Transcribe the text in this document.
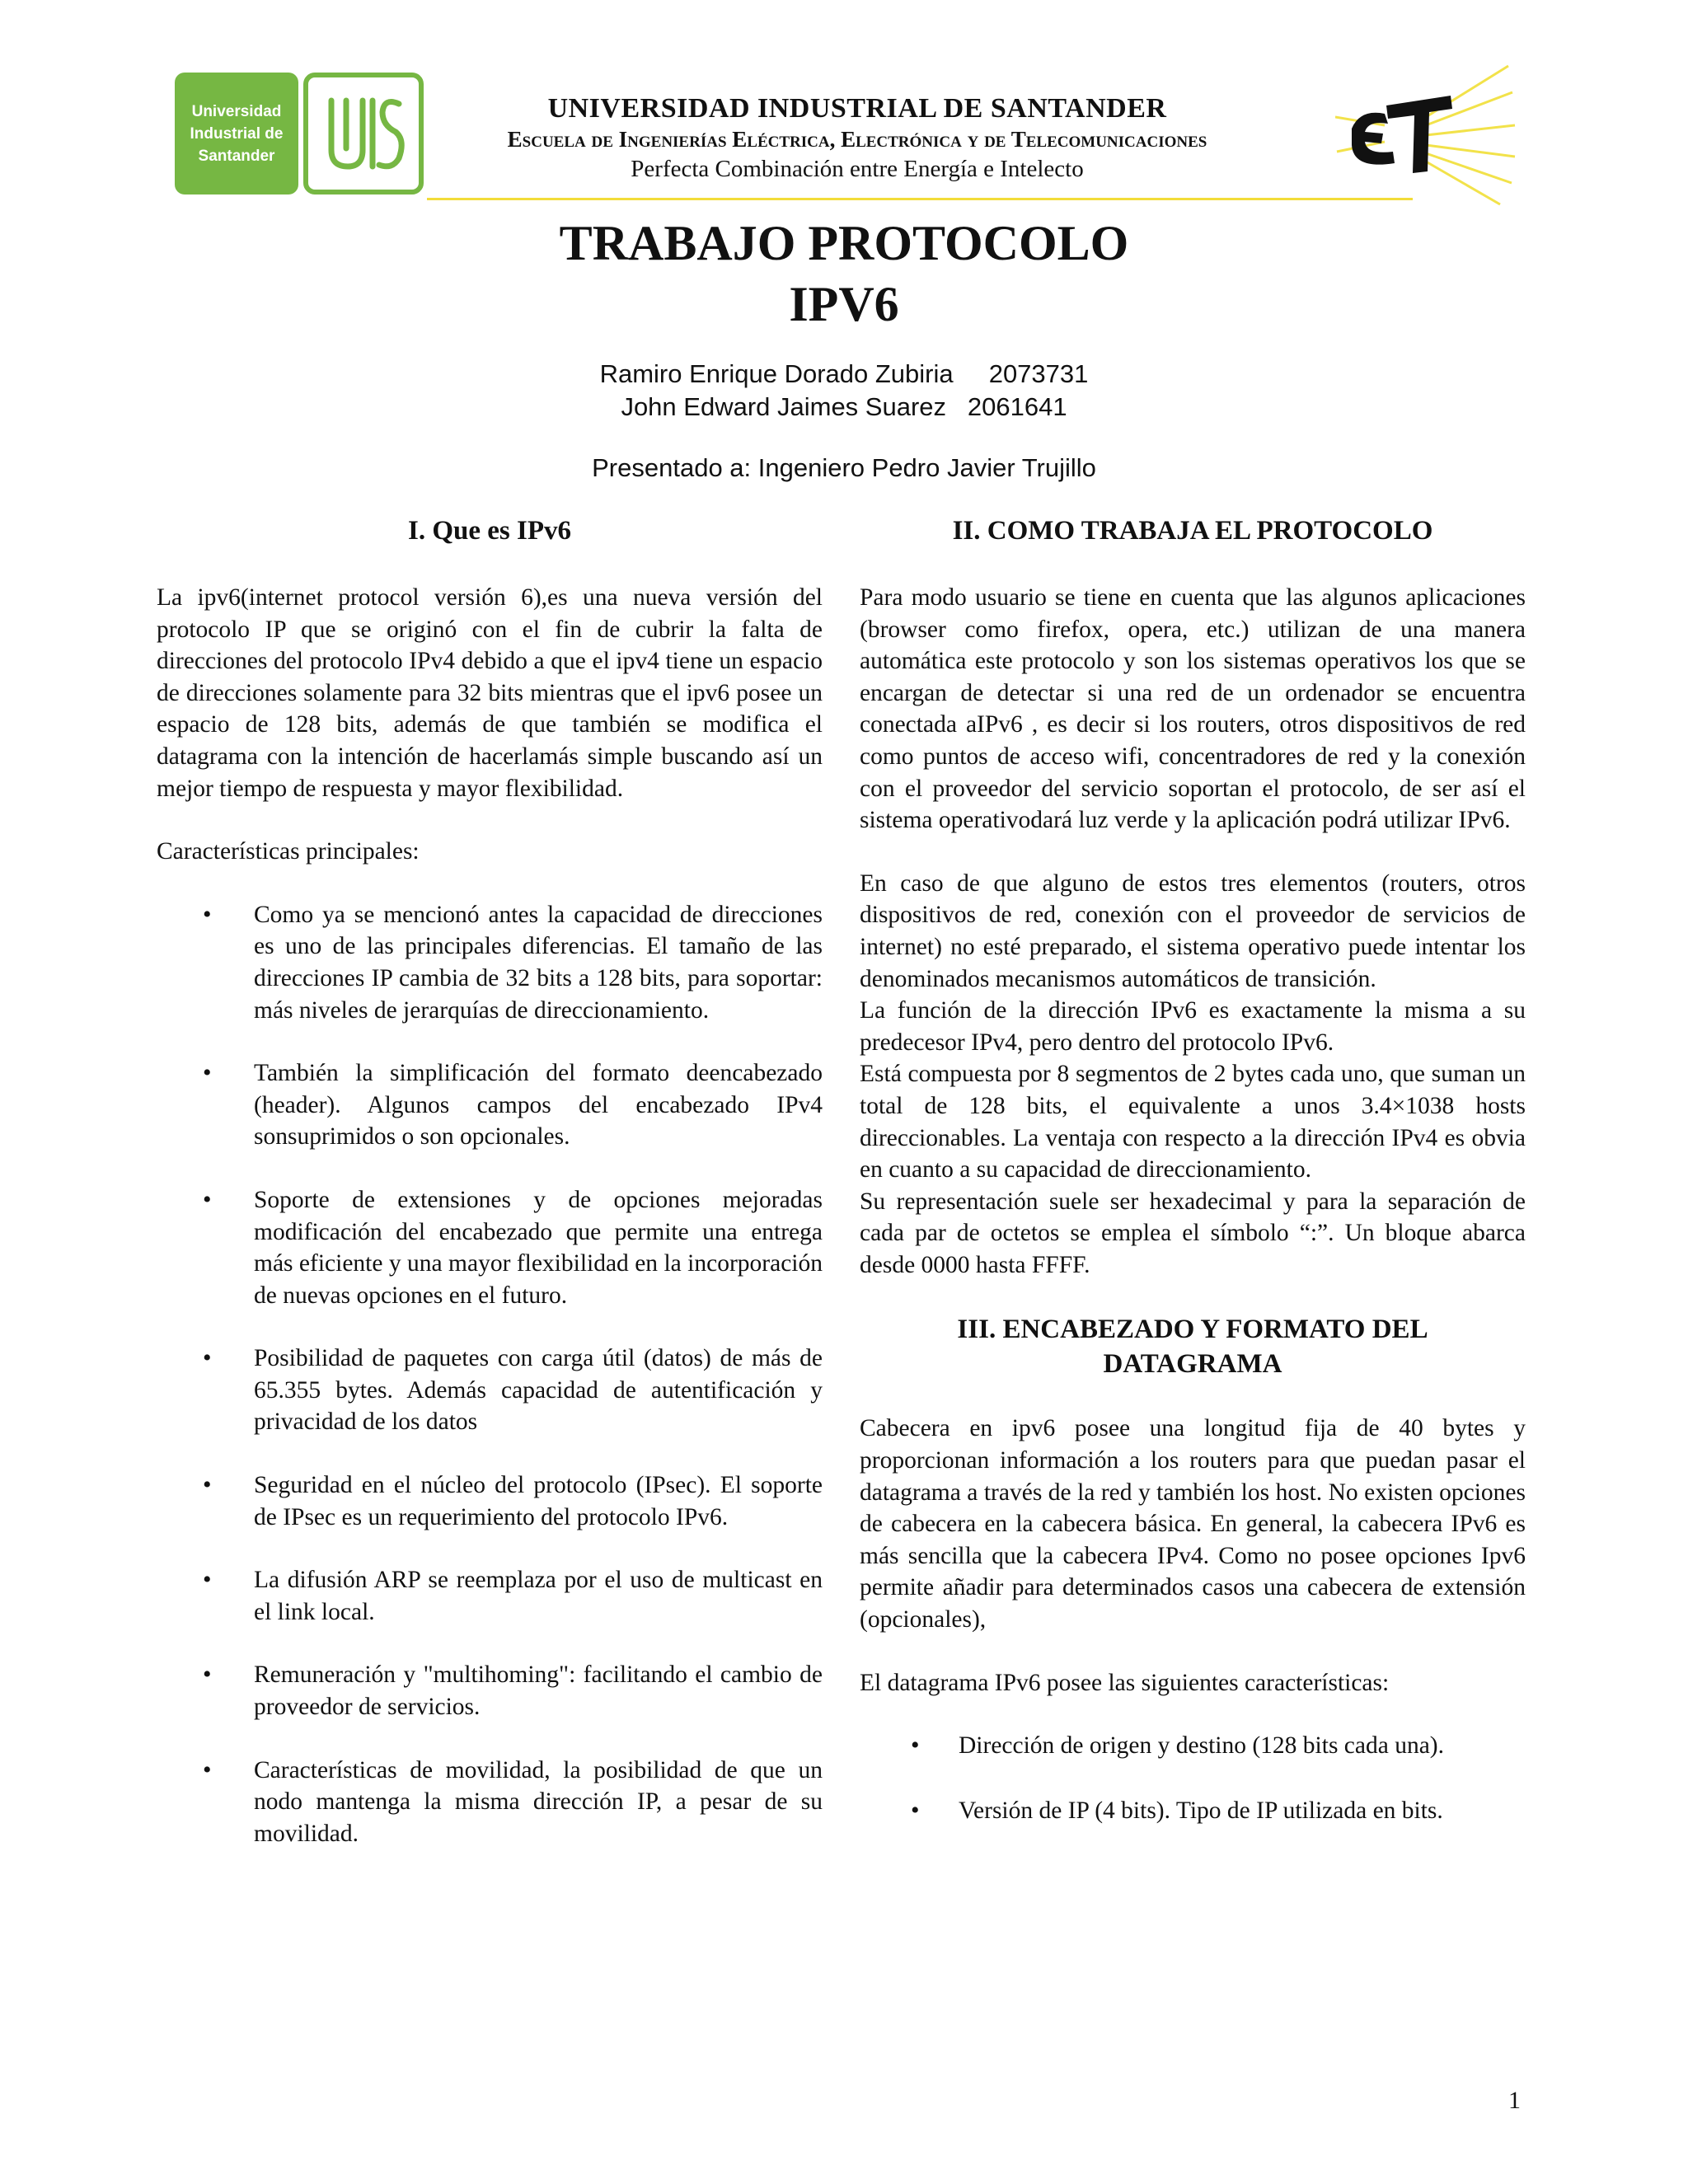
Universidad
Industrial de
Santander
UNIVERSIDAD INDUSTRIAL DE SANTANDER
Escuela de Ingenierías Eléctrica, Electrónica y de Telecomunicaciones
Perfecta Combinación entre Energía e Intelecto
TRABAJO PROTOCOLO
IPV6
Ramiro Enrique Dorado Zubiria 2073731
John Edward Jaimes Suarez 2061641
Presentado a: Ingeniero Pedro Javier Trujillo
I. Que es IPv6

La ipv6(internet protocol versión 6),es una nueva versión del protocolo IP que se originó con el fin de cubrir la falta de direcciones del protocolo IPv4 debido a que el ipv4 tiene un espacio de direcciones solamente para 32 bits mientras que el ipv6 posee un espacio de 128 bits, además de que también se modifica el datagrama con la intención de hacerlamás simple buscando así un mejor tiempo de respuesta y mayor flexibilidad.

Características principales:

• Como ya se mencionó antes la capacidad de direcciones es uno de las principales diferencias. El tamaño de las direcciones IP cambia de 32 bits a 128 bits, para soportar: más niveles de jerarquías de direccionamiento.
• También la simplificación del formato deencabezado (header). Algunos campos del encabezado IPv4 sonsuprimidos o son opcionales.
• Soporte de extensiones y de opciones mejoradas modificación del encabezado que permite una entrega más eficiente y una mayor flexibilidad en la incorporación de nuevas opciones en el futuro.
• Posibilidad de paquetes con carga útil (datos) de más de 65.355 bytes. Además capacidad de autentificación y privacidad de los datos
• Seguridad en el núcleo del protocolo (IPsec). El soporte de IPsec es un requerimiento del protocolo IPv6.
• La difusión ARP se reemplaza por el uso de multicast en el link local.
• Remuneración y "multihoming": facilitando el cambio de proveedor de servicios.
• Características de movilidad, la posibilidad de que un nodo mantenga la misma dirección IP, a pesar de su movilidad.
II. COMO TRABAJA EL PROTOCOLO

Para modo usuario se tiene en cuenta que las algunos aplicaciones (browser como firefox, opera, etc.) utilizan de una manera automática este protocolo y son los sistemas operativos los que se encargan de detectar si una red de un ordenador se encuentra conectada aIPv6 , es decir si los routers, otros dispositivos de red como puntos de acceso wifi, concentradores de red y la conexión con el proveedor del servicio soportan el protocolo, de ser así el sistema operativodará luz verde y la aplicación podrá utilizar IPv6.

En caso de que alguno de estos tres elementos (routers, otros dispositivos de red, conexión con el proveedor de servicios de internet) no esté preparado, el sistema operativo puede intentar los denominados mecanismos automáticos de transición.

La función de la dirección IPv6 es exactamente la misma a su predecesor IPv4, pero dentro del protocolo IPv6.

Está compuesta por 8 segmentos de 2 bytes cada uno, que suman un total de 128 bits, el equivalente a unos 3.4×1038 hosts direccionables. La ventaja con respecto a la dirección IPv4 es obvia en cuanto a su capacidad de direccionamiento.

Su representación suele ser hexadecimal y para la separación de cada par de octetos se emplea el símbolo “:”. Un bloque abarca desde 0000 hasta FFFF.

III. ENCABEZADO Y FORMATO DEL
DATAGRAMA

Cabecera en ipv6 posee una longitud fija de 40 bytes y proporcionan información a los routers para que puedan pasar el datagrama a través de la red y también los host. No existen opciones de cabecera en la cabecera básica. En general, la cabecera IPv6 es más sencilla que la cabecera IPv4. Como no posee opciones Ipv6 permite añadir para determinados casos una cabecera de extensión (opcionales),

El datagrama IPv6 posee las siguientes características:

• Dirección de origen y destino (128 bits cada una).
• Versión de IP (4 bits). Tipo de IP utilizada en bits.
1
